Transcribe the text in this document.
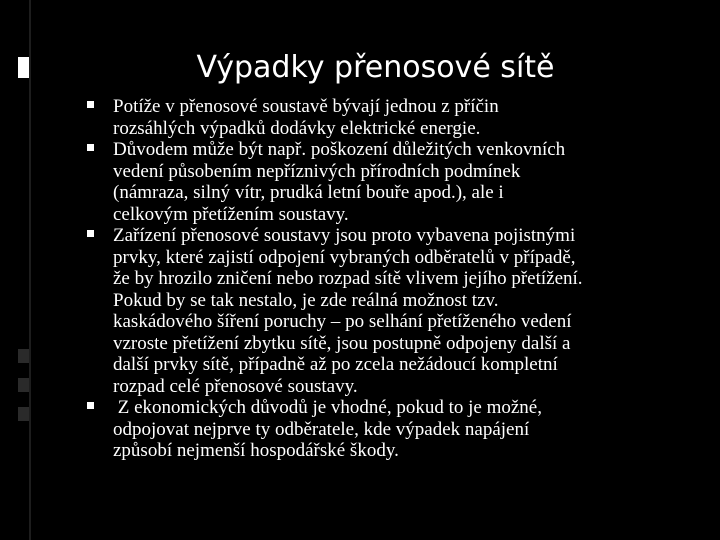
Výpadky přenosové sítě
Potíže v přenosové soustavě bývají jednou z příčin
rozsáhlých výpadků dodávky elektrické energie.
Důvodem může být např. poškození důležitých venkovních
vedení působením nepříznivých přírodních podmínek
(námraza, silný vítr, prudká letní bouře apod.), ale i
celkovým přetížením soustavy.
Zařízení přenosové soustavy jsou proto vybavena pojistnými
prvky, které zajistí odpojení vybraných odběratelů v případě,
že by hrozilo zničení nebo rozpad sítě vlivem jejího přetížení.
Pokud by se tak nestalo, je zde reálná možnost tzv.
kaskádového šíření poruchy – po selhání přetíženého vedení
vzroste přetížení zbytku sítě, jsou postupně odpojeny další a
další prvky sítě, případně až po zcela nežádoucí kompletní
rozpad celé přenosové soustavy.
Z ekonomických důvodů je vhodné, pokud to je možné,
odpojovat nejprve ty odběratele, kde výpadek napájení
způsobí nejmenší hospodářské škody.
